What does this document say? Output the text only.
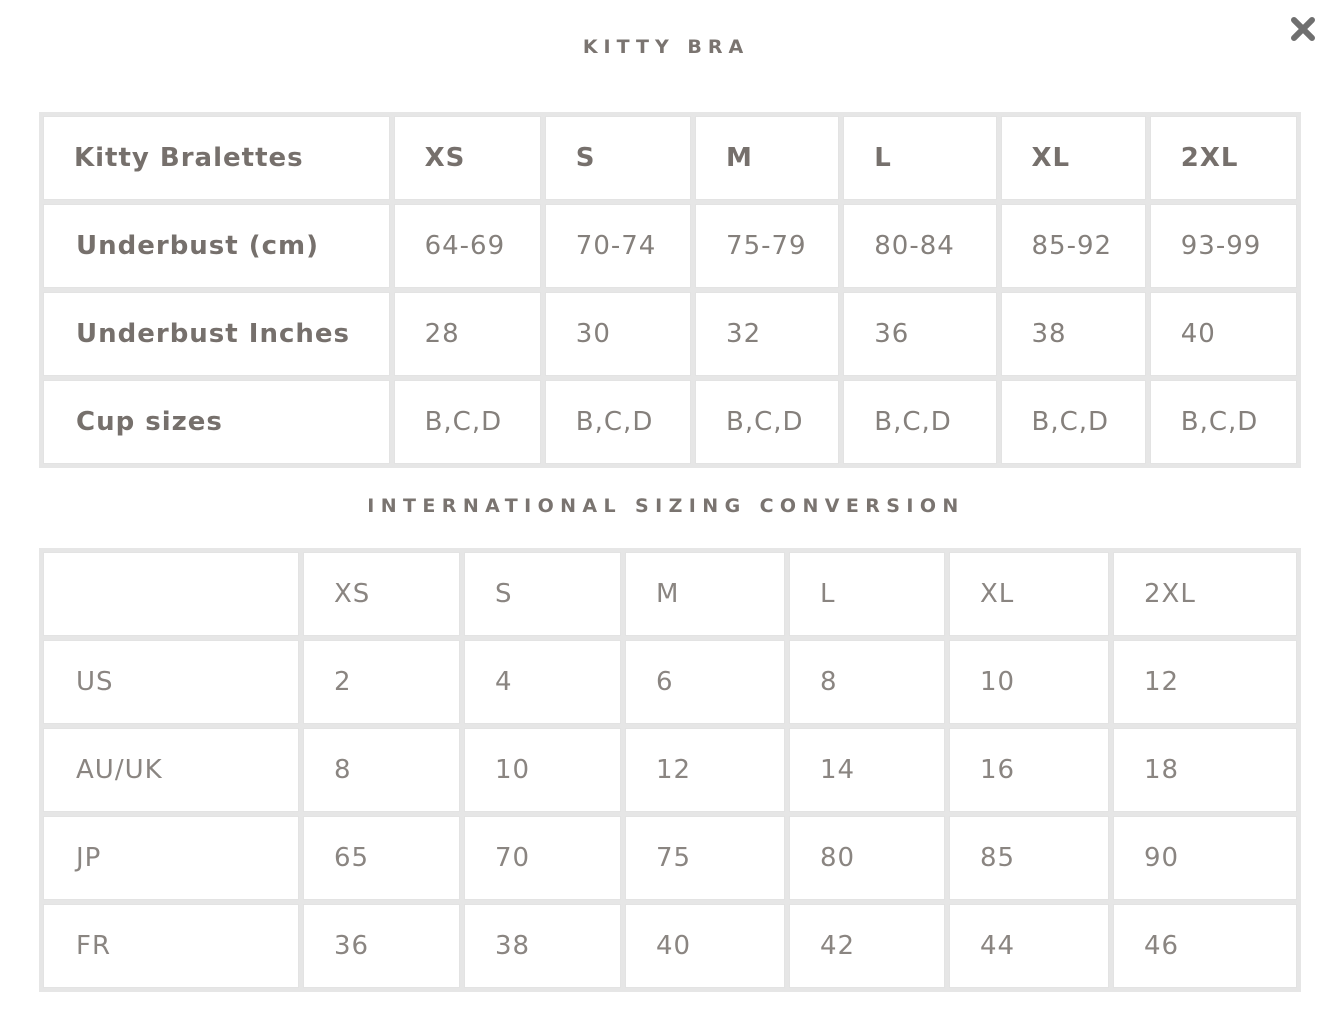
KITTY BRA
Kitty Bralettes	XS	S	M	L	XL	2XL
Underbust (cm)	64-69	70-74	75-79	80-84	85-92	93-99
Underbust Inches	28	30	32	36	38	40
Cup sizes	B,C,D	B,C,D	B,C,D	B,C,D	B,C,D	B,C,D
INTERNATIONAL SIZING CONVERSION
	XS	S	M	L	XL	2XL
US	2	4	6	8	10	12
AU/UK	8	10	12	14	16	18
JP	65	70	75	80	85	90
FR	36	38	40	42	44	46
